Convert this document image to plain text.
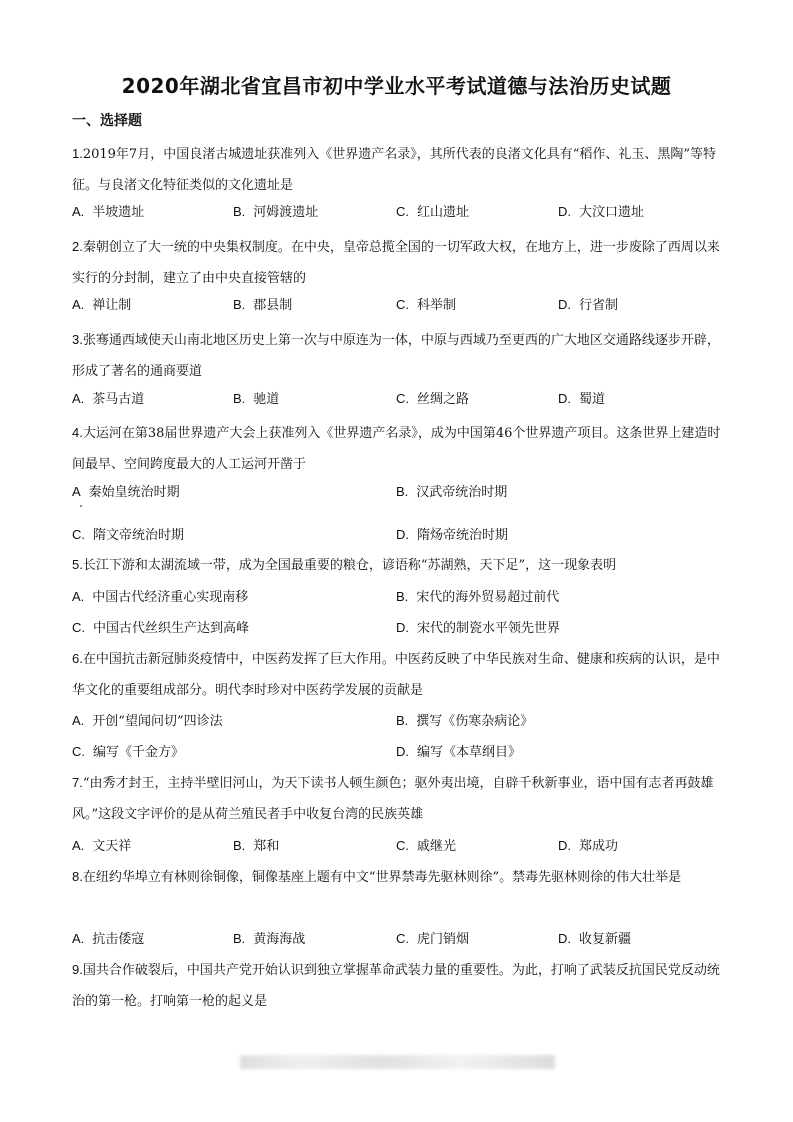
2020年湖北省宜昌市初中学业水平考试道德与法治历史试题
一、选择题

1.2019年7月，中国良渚古城遗址获准列入《世界遗产名录》，其所代表的良渚文化具有“稻作、礼玉、黑陶”等特征。与良渚文化特征类似的文化遗址是

A. 半坡遗址	B. 河姆渡遗址	C. 红山遗址	D. 大汶口遗址

2.秦朝创立了大一统的中央集权制度。在中央，皇帝总揽全国的一切军政大权，在地方上，进一步废除了西周以来实行的分封制，建立了由中央直接管辖的

A. 禅让制	B. 郡县制	C. 科举制	D. 行省制

3.张骞通西域使天山南北地区历史上第一次与中原连为一体，中原与西域乃至更西的广大地区交通路线逐步开辟，形成了著名的通商要道

A. 茶马古道	B. 驰道	C. 丝绸之路	D. 蜀道

4.大运河在第38届世界遗产大会上获准列入《世界遗产名录》，成为中国第46个世界遗产项目。这条世界上建造时间最早、空间跨度最大的人工运河开凿于

A 秦始皇统治时期	B. 汉武帝统治时期
C. 隋文帝统治时期	D. 隋炀帝统治时期

5.长江下游和太湖流域一带，成为全国最重要的粮仓，谚语称“苏湖熟，天下足”，这一现象表明

A. 中国古代经济重心实现南移	B. 宋代的海外贸易超过前代
C. 中国古代丝织生产达到高峰	D. 宋代的制瓷水平领先世界

6.在中国抗击新冠肺炎疫情中，中医药发挥了巨大作用。中医药反映了中华民族对生命、健康和疾病的认识，是中华文化的重要组成部分。明代李时珍对中医药学发展的贡献是

A. 开创“望闻问切”四诊法	B. 撰写《伤寒杂病论》
C. 编写《千金方》	D. 编写《本草纲目》

7.“由秀才封王，主持半壁旧河山，为天下读书人顿生颜色；驱外夷出境，自辟千秋新事业，语中国有志者再鼓雄风。”这段文字评价的是从荷兰殖民者手中收复台湾的民族英雄

A. 文天祥	B. 郑和	C. 戚继光	D. 郑成功

8.在纽约华埠立有林则徐铜像，铜像基座上题有中文“世界禁毒先驱林则徐”。禁毒先驱林则徐的伟大壮举是

A. 抗击倭寇	B. 黄海海战	C. 虎门销烟	D. 收复新疆

9.国共合作破裂后，中国共产党开始认识到独立掌握革命武装力量的重要性。为此，打响了武装反抗国民党反动统治的第一枪。打响第一枪的起义是
